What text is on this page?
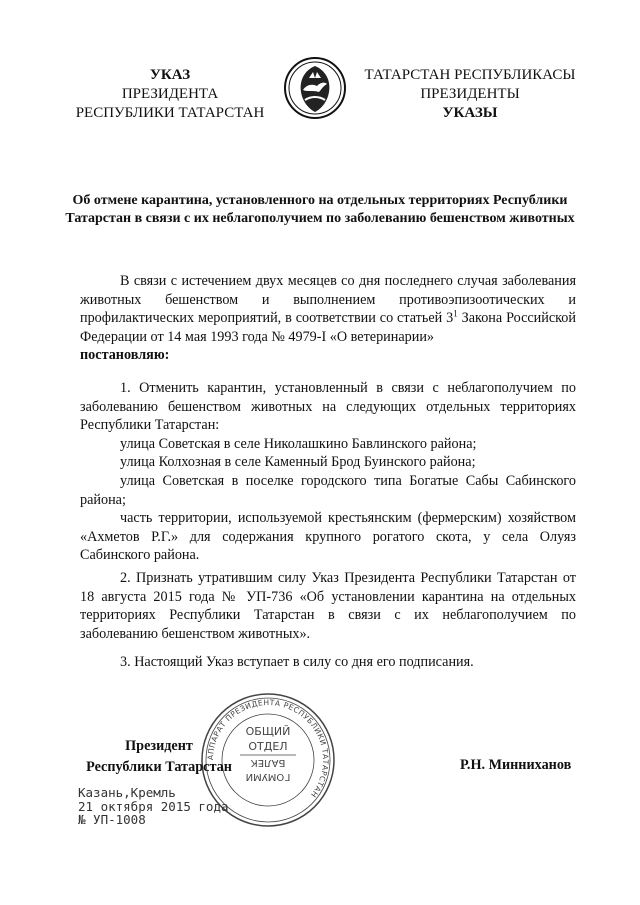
УКАЗ
ПРЕЗИДЕНТА
РЕСПУБЛИКИ ТАТАРСТАН
ТАТАРСТАН РЕСПУБЛИКАСЫ
ПРЕЗИДЕНТЫ
УКАЗЫ
Об отмене карантина, установленного на отдельных территориях Республики Татарстан в связи с их неблагополучием по заболеванию бешенством животных
В связи с истечением двух месяцев со дня последнего случая заболевания животных бешенством и выполнением противоэпизоотических и профилактических мероприятий, в соответствии со статьей $3^1$ Закона Российской Федерации от 14 мая 1993 года № 4979-I «О ветеринарии»
постановляю:
1. Отменить карантин, установленный в связи с неблагополучием по заболеванию бешенством животных на следующих отдельных территориях Республики Татарстан:
улица Советская в селе Николашкино Бавлинского района;
улица Колхозная в селе Каменный Брод Буинского района;
улица Советская в поселке городского типа Богатые Сабы Сабинского района;
часть территории, используемой крестьянским (фермерским) хозяйством «Ахметов Р.Г.» для содержания крупного рогатого скота, у села Олуяз Сабинского района.
2. Признать утратившим силу Указ Президента Республики Татарстан от 18 августа 2015 года № УП-736 «Об установлении карантина на отдельных территориях Республики Татарстан в связи с их неблагополучием по заболеванию бешенством животных».
3. Настоящий Указ вступает в силу со дня его подписания.
АППАРАТ ПРЕЗИДЕНТА РЕСПУБЛИКИ ТАТАРСТАН
ОБЩИЙ
ОТДЕЛ
БАЛЕК
ГОМУМИ
Президент
Республики Татарстан	Р.Н. Минниханов
Казань,Кремль
21 октября 2015 года
№ УП-1008
